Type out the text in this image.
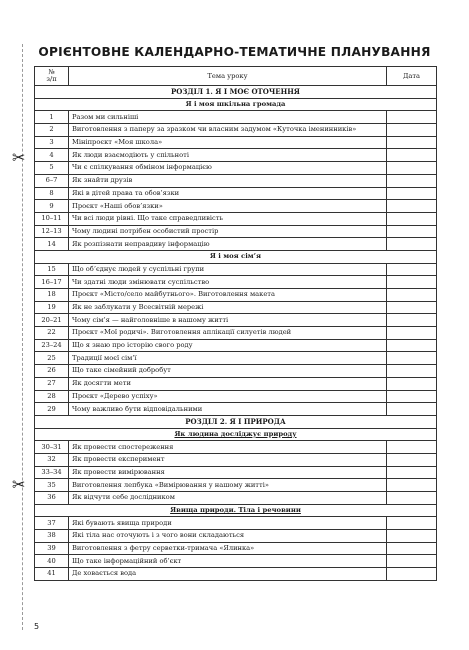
✂
✂
ОРІЄНТОВНЕ КАЛЕНДАРНО-ТЕМАТИЧНЕ ПЛАНУВАННЯ
№
з/п	Тема уроку	Дата
РОЗДІЛ 1. Я І МОЄ ОТОЧЕННЯ		
Я і моя шкільна громада		
1	Разом ми сильніші	
2	Виготовлення з паперу за зразком чи власним задумом «Куточка іменинників»	
3	Мініпроєкт «Моя школа»	
4	Як люди взаємодіють у спільноті	
5	Чи є спілкування обміном інформацією	
6–7	Як знайти друзів	
8	Які в дітей права та обов’язки	
9	Проєкт «Наші обов’язки»	
10–11	Чи всі люди рівні. Що таке справедливість	
12–13	Чому людині потрібен особистий простір	
14	Як розпізнати неправдиву інформацію	
Я і моя сім’я		
15	Що об’єднує людей у суспільні групи	
16–17	Чи здатні люди змінювати суспільство	
18	Проєкт «Місто/село майбутнього». Виготовлення макета	
19	Як не заблукати у Всесвітній мережі	
20–21	Чому сім’я — найголовніше в нашому житті	
22	Проєкт «Мої родичі». Виготовлення аплікації силуетів людей	
23–24	Що я знаю про історію свого роду	
25	Традиції моєї сім’ї	
26	Що таке сімейний добробут	
27	Як досягти мети	
28	Проєкт «Дерево успіху»	
29	Чому важливо бути відповідальними	
РОЗДІЛ 2. Я І ПРИРОДА		
Як людина досліджує природу		
30–31	Як провести спостереження	
32	Як провести експеримент	
33–34	Як провести вимірювання	
35	Виготовлення лепбука «Вимірювання у нашому житті»	
36	Як відчути себе дослідником	
Явища природи. Тіла і речовини		
37	Які бувають явища природи	
38	Які тіла нас оточують і з чого вони складаються	
39	Виготовлення з фетру серветки-тримача «Ялинка»	
40	Що таке інформаційний об’єкт	
41	Де ховається вода	
5
